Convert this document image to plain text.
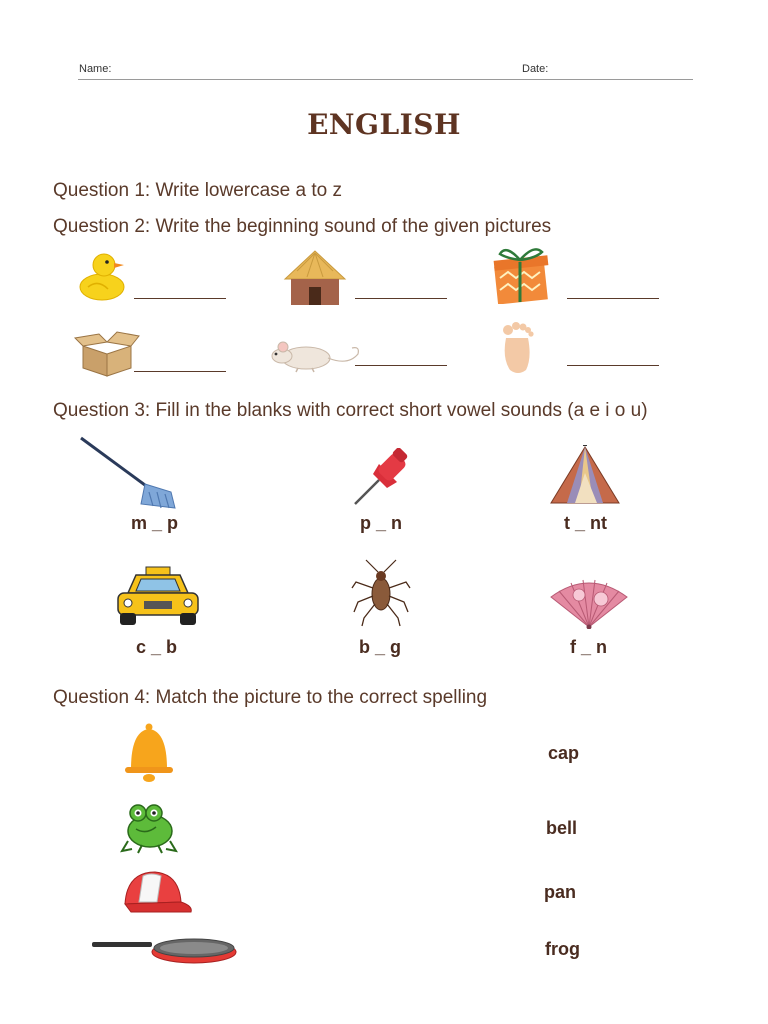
Name:	Date:
ENGLISH
Question 1: Write lowercase a to z
Question 2: Write the beginning sound of the given pictures
Question 3: Fill in the blanks with correct short vowel sounds (a e i o u)
m _ p	p _ n	t _ nt
c _ b	b _ g	f _ n
Question 4: Match the picture to the correct spelling
cap
bell
pan
frog
